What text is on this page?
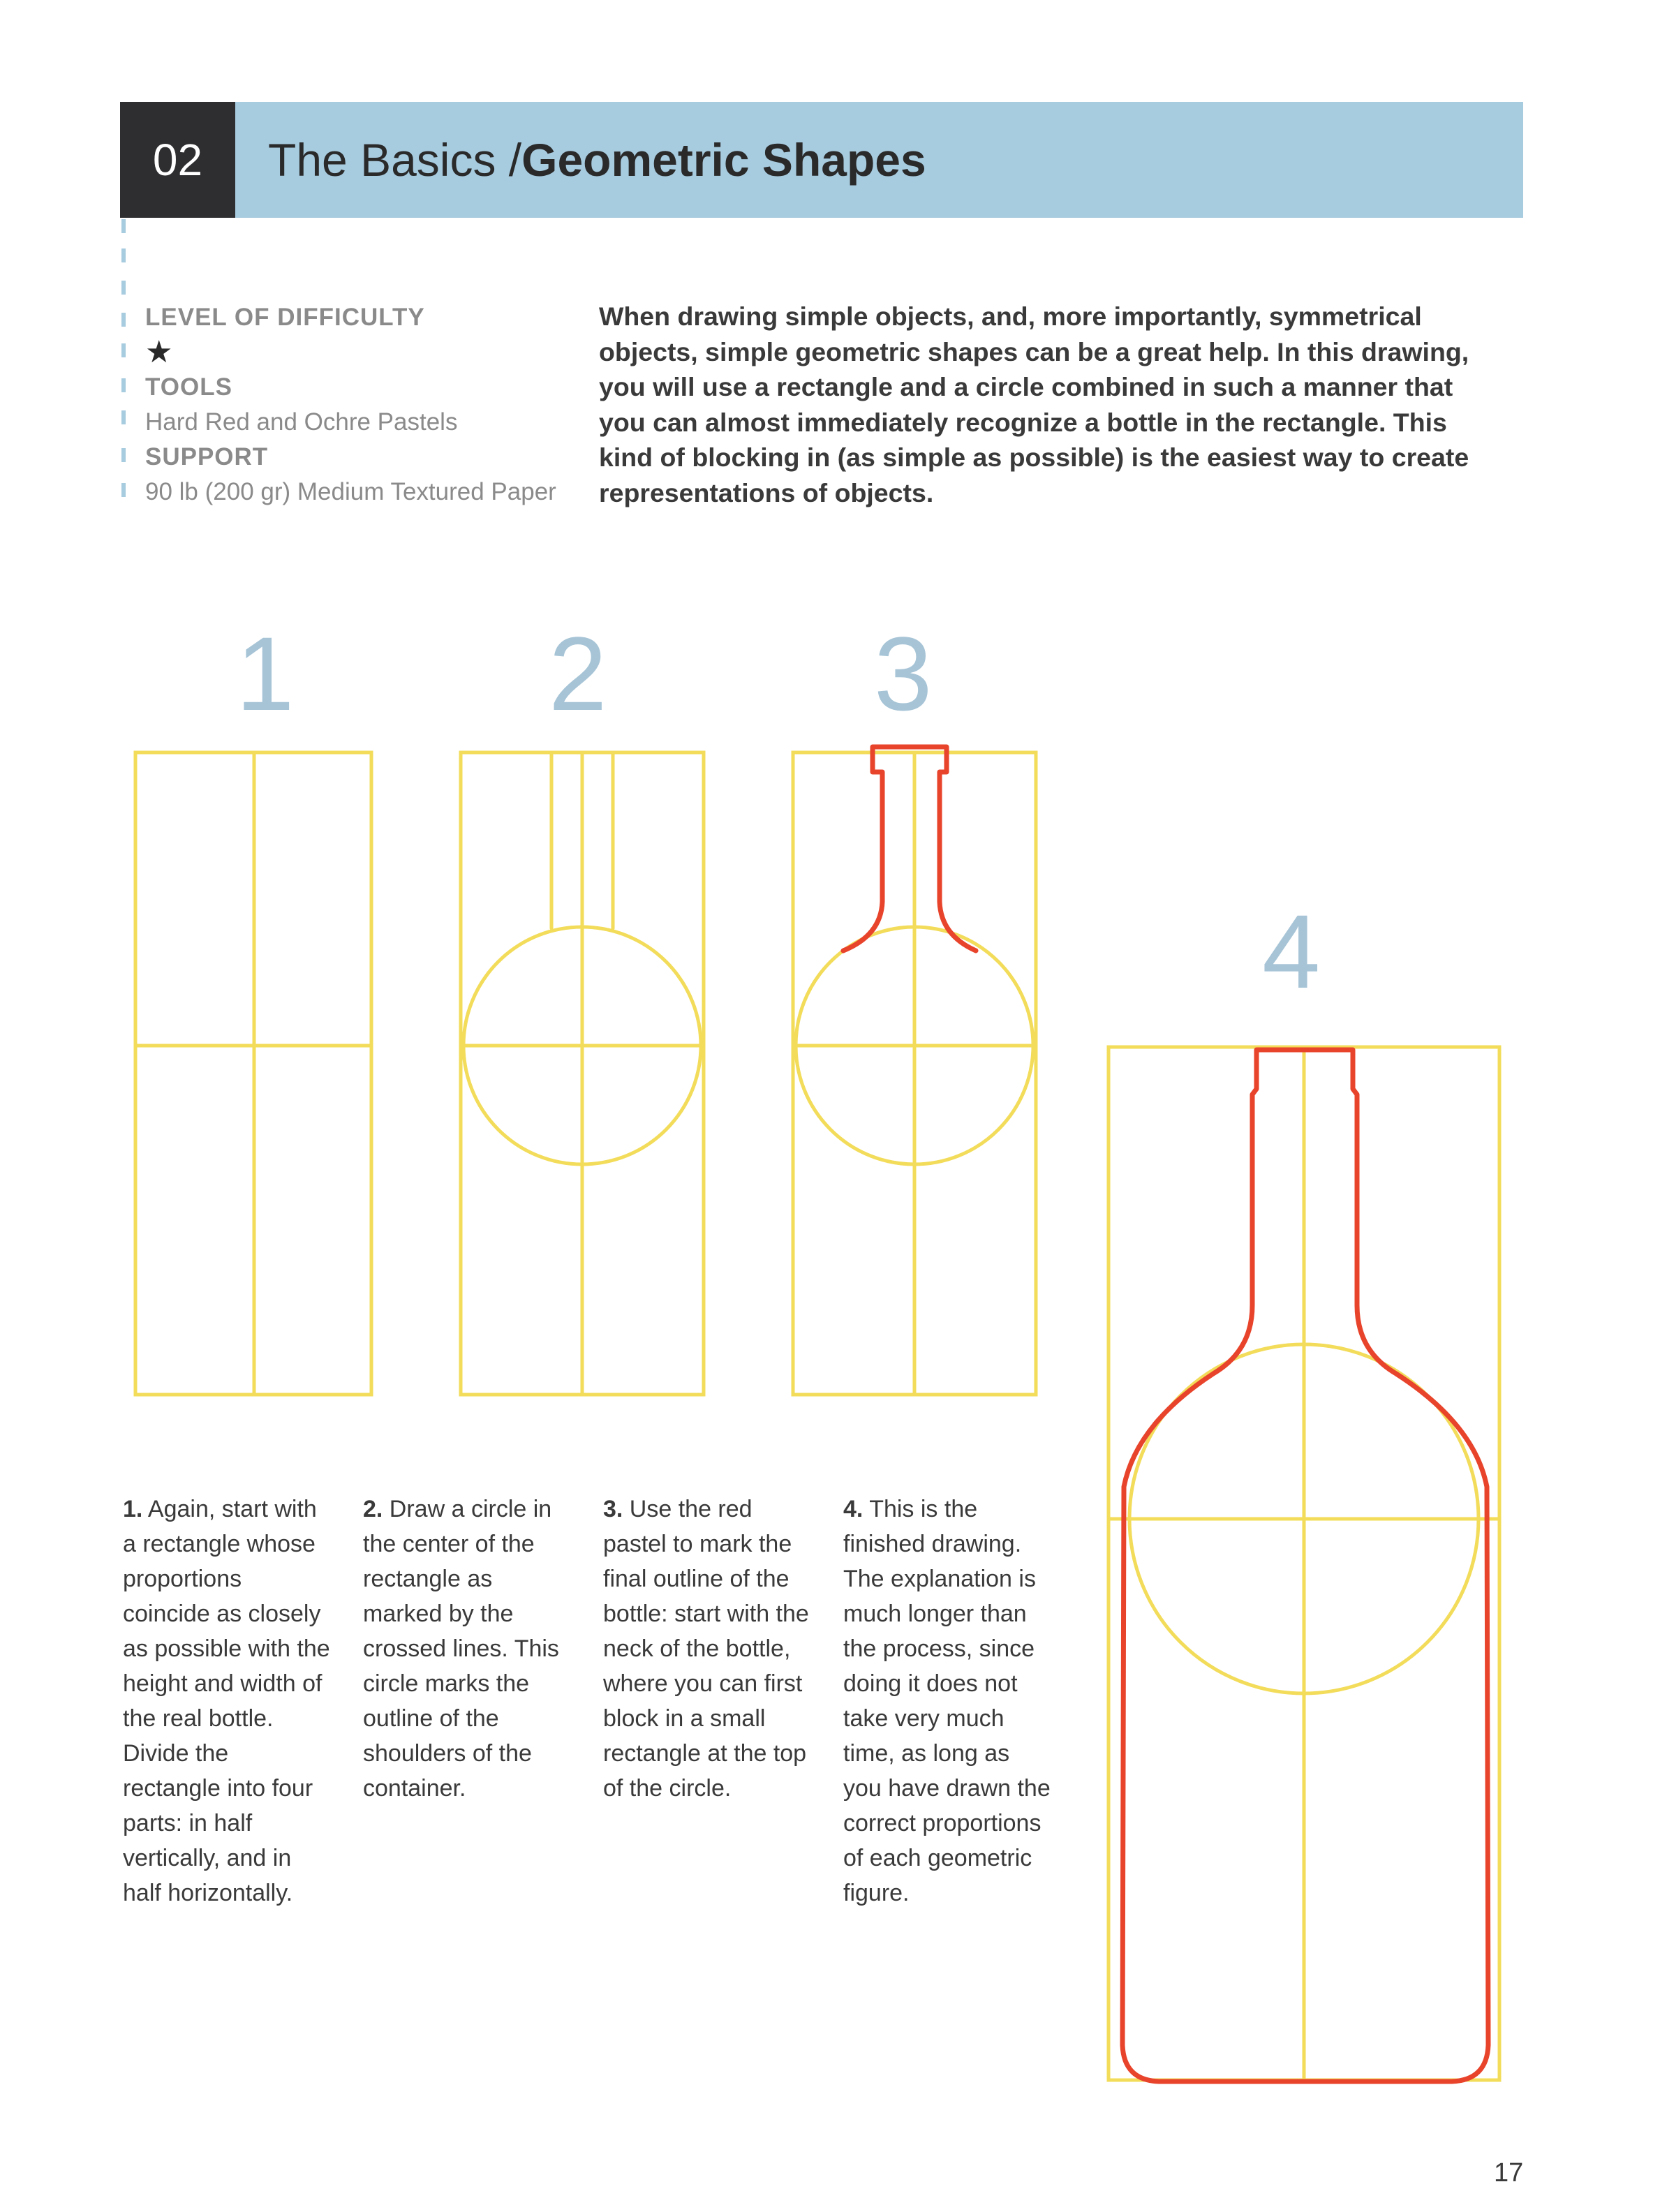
02	The Basics / Geometric Shapes
LEVEL OF DIFFICULTY
★
TOOLS
Hard Red and Ochre Pastels
SUPPORT
90 lb (200 gr) Medium Textured Paper
When drawing simple objects, and, more importantly, symmetrical objects, simple geometric shapes can be a great help. In this drawing, you will use a rectangle and a circle combined in such a manner that you can almost immediately recognize a bottle in the rectangle. This kind of blocking in (as simple as possible) is the easiest way to create representations of objects.
1 2	3
4
1. Again, start with a rectangle whose proportions coincide as closely as possible with the height and width of the real bottle. Divide the rectangle into four parts: in half vertically, and in half horizontally.
2. Draw a circle in the center of the rectangle as marked by the crossed lines. This circle marks the outline of the shoulders of the container.
3. Use the red pastel to mark the final outline of the bottle: start with the neck of the bottle, where you can first block in a small rectangle at the top of the circle.
4. This is the finished drawing. The explanation is much longer than the process, since doing it does not take very much time, as long as you have drawn the correct proportions of each geometric figure.
17
